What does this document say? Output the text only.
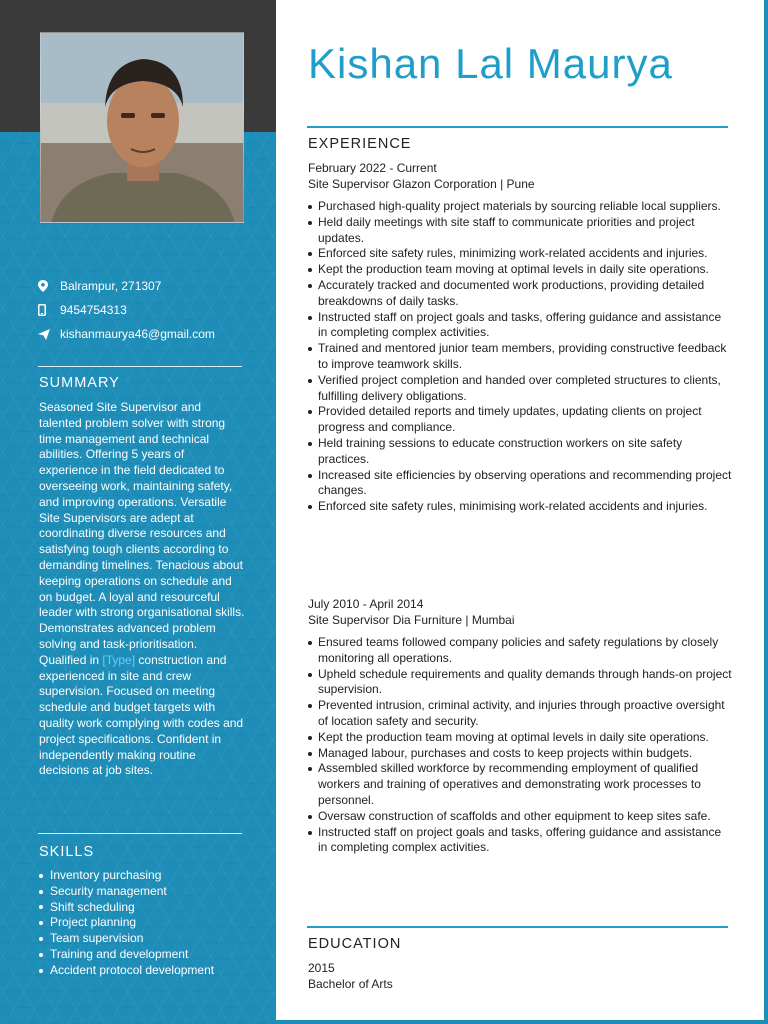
Balrampur, 271307
9454754313
kishanmaurya46@gmail.com
SUMMARY
Seasoned Site Supervisor and talented problem solver with strong time management and technical abilities. Offering 5 years of experience in the field dedicated to overseeing work, maintaining safety, and improving operations. Versatile Site Supervisors are adept at coordinating diverse resources and satisfying tough clients according to demanding timelines. Tenacious about keeping operations on schedule and on budget. A loyal and resourceful leader with strong organisational skills. Demonstrates advanced problem solving and task-prioritisation. Qualified in [Type] construction and experienced in site and crew supervision. Focused on meeting schedule and budget targets with quality work complying with codes and project specifications. Confident in independently making routine decisions at job sites.
SKILLS
Inventory purchasing
Security management
Shift scheduling
Project planning
Team supervision
Training and development
Accident protocol development
Kishan Lal Maurya
EXPERIENCE
February 2022 - Current
Site Supervisor Glazon Corporation | Pune
Purchased high-quality project materials by sourcing reliable local suppliers.
Held daily meetings with site staff to communicate priorities and project updates.
Enforced site safety rules, minimizing work-related accidents and injuries.
Kept the production team moving at optimal levels in daily site operations.
Accurately tracked and documented work productions, providing detailed breakdowns of daily tasks.
Instructed staff on project goals and tasks, offering guidance and assistance in completing complex activities.
Trained and mentored junior team members, providing constructive feedback to improve teamwork skills.
Verified project completion and handed over completed structures to clients, fulfilling delivery obligations.
Provided detailed reports and timely updates, updating clients on project progress and compliance.
Held training sessions to educate construction workers on site safety practices.
Increased site efficiencies by observing operations and recommending project changes.
Enforced site safety rules, minimising work-related accidents and injuries.
July 2010 - April 2014
Site Supervisor Dia Furniture | Mumbai
Ensured teams followed company policies and safety regulations by closely monitoring all operations.
Upheld schedule requirements and quality demands through hands-on project supervision.
Prevented intrusion, criminal activity, and injuries through proactive oversight of location safety and security.
Kept the production team moving at optimal levels in daily site operations.
Managed labour, purchases and costs to keep projects within budgets.
Assembled skilled workforce by recommending employment of qualified workers and training of operatives and demonstrating work processes to personnel.
Oversaw construction of scaffolds and other equipment to keep sites safe.
Instructed staff on project goals and tasks, offering guidance and assistance in completing complex activities.
EDUCATION
2015
Bachelor of Arts
